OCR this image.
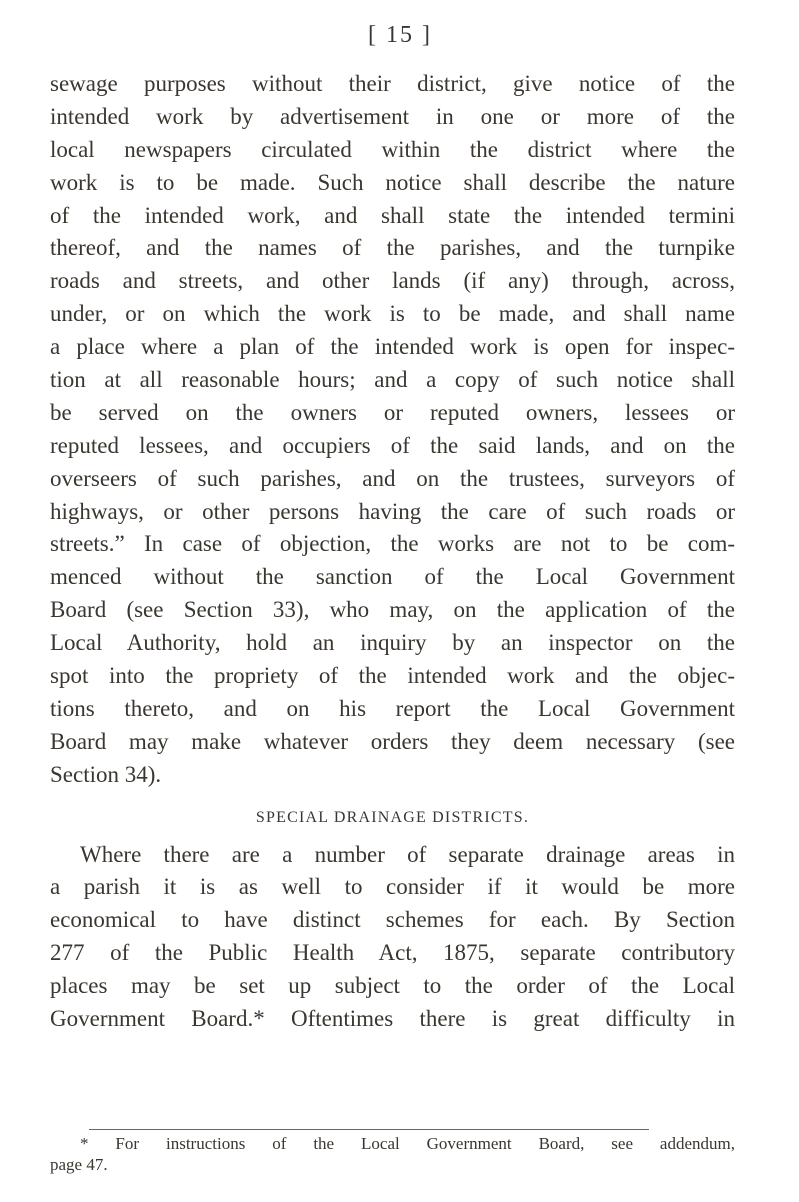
[ 15 ]
sewage purposes without their district, give notice of the
intended work by advertisement in one or more of the
local newspapers circulated within the district where the
work is to be made. Such notice shall describe the nature
of the intended work, and shall state the intended termini
thereof, and the names of the parishes, and the turnpike
roads and streets, and other lands (if any) through, across,
under, or on which the work is to be made, and shall name
a place where a plan of the intended work is open for inspec-
tion at all reasonable hours; and a copy of such notice shall
be served on the owners or reputed owners, lessees or
reputed lessees, and occupiers of the said lands, and on the
overseers of such parishes, and on the trustees, surveyors of
highways, or other persons having the care of such roads or
streets.” In case of objection, the works are not to be com-
menced without the sanction of the Local Government
Board (see Section 33), who may, on the application of the
Local Authority, hold an inquiry by an inspector on the
spot into the propriety of the intended work and the objec-
tions thereto, and on his report the Local Government
Board may make whatever orders they deem necessary (see
Section 34).
SPECIAL DRAINAGE DISTRICTS.
Where there are a number of separate drainage areas in
a parish it is as well to consider if it would be more
economical to have distinct schemes for each. By Section
277 of the Public Health Act, 1875, separate contributory
places may be set up subject to the order of the Local
Government Board.* Oftentimes there is great difficulty in
* For instructions of the Local Government Board, see addendum,
page 47.
